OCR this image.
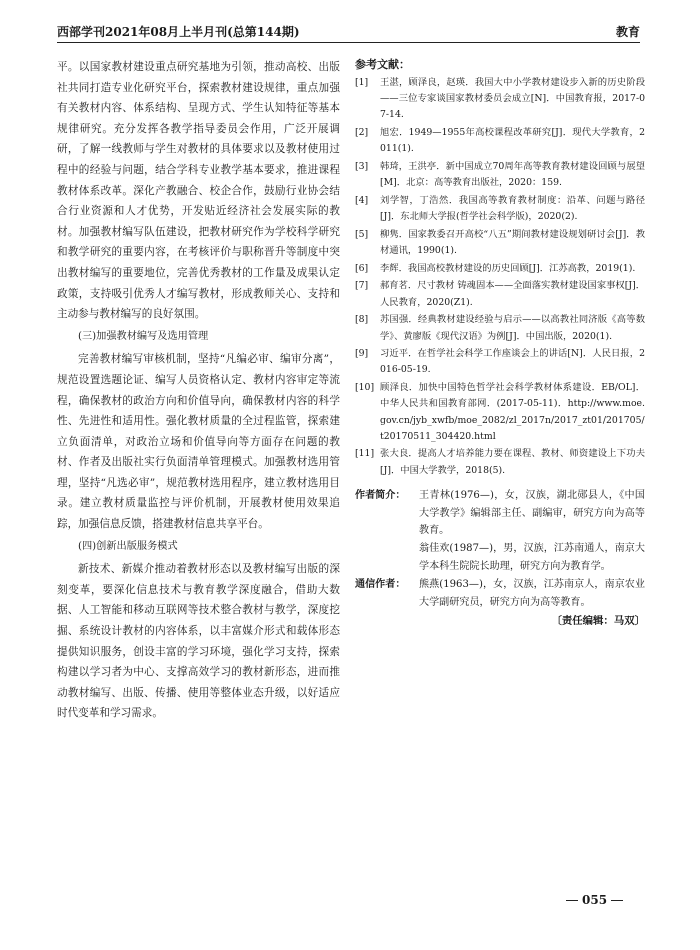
西部学刊2021年08月上半月刊(总第144期)	教育

平。以国家教材建设重点研究基地为引领，推动高校、出版社共同打造专业化研究平台，探索教材建设规律，重点加强有关教材内容、体系结构、呈现方式、学生认知特征等基本规律研究。充分发挥各教学指导委员会作用，广泛开展调研，了解一线教师与学生对教材的具体要求以及教材使用过程中的经验与问题，结合学科专业教学基本要求，推进课程教材体系改革。深化产教融合、校企合作，鼓励行业协会结合行业资源和人才优势，开发贴近经济社会发展实际的教材。加强教材编写队伍建设，把教材研究作为学校科学研究和教学研究的重要内容，在考核评价与职称晋升等制度中突出教材编写的重要地位，完善优秀教材的工作量及成果认定政策，支持吸引优秀人才编写教材，形成教师关心、支持和主动参与教材编写的良好氛围。

(三)加强教材编写及选用管理

完善教材编写审核机制，坚持“凡编必审、编审分离”，规范设置选题论证、编写人员资格认定、教材内容审定等流程，确保教材的政治方向和价值导向，确保教材内容的科学性、先进性和适用性。强化教材质量的全过程监管，探索建立负面清单，对政治立场和价值导向等方面存在问题的教材、作者及出版社实行负面清单管理模式。加强教材选用管理，坚持“凡选必审”，规范教材选用程序，建立教材选用目录。建立教材质量监控与评价机制，开展教材使用效果追踪，加强信息反馈，搭建教材信息共享平台。

(四)创新出版服务模式

新技术、新媒介推动着教材形态以及教材编写出版的深刻变革，要深化信息技术与教育教学深度融合，借助大数据、人工智能和移动互联网等技术整合教材与教学，深度挖掘、系统设计教材的内容体系，以丰富媒介形式和载体形态提供知识服务，创设丰富的学习环境，强化学习支持，探索构建以学习者为中心、支撑高效学习的教材新形态，进而推动教材编写、出版、传播、使用等整体业态升级，以好适应时代变革和学习需求。

参考文献：
[1] 王湛，顾泽良，赵瑛．我国大中小学教材建设步入新的历史阶段——三位专家谈国家教材委员会成立[N]．中国教育报，2017-07-14.
[2] 旭宏．1949—1955年高校课程改革研究[J]．现代大学教育，2011(1).
[3] 韩琦，王洪亭．新中国成立70周年高等教育教材建设回顾与展望[M]．北京：高等教育出版社，2020：159.
[4] 刘学智，丁浩然．我国高等教育教材制度：沿革、问题与路径[J]．东北师大学报(哲学社会科学版)，2020(2).
[5] 柳隽．国家教委召开高校“八五”期间教材建设规划研讨会[J]．教材通讯，1990(1).
[6] 李辉．我国高校教材建设的历史回顾[J]．江苏高教，2019(1).
[7] 郝育茗．尺寸教材 铸魂固本——全面落实教材建设国家事权[J]．人民教育，2020(Z1).
[8] 苏国强．经典教材建设经验与启示——以高教社同济版《高等数学》、黄廖版《现代汉语》为例[J]．中国出版，2020(1).
[9] 习近平．在哲学社会科学工作座谈会上的讲话[N]．人民日报，2016-05-19.
[10] 顾泽良．加快中国特色哲学社会科学教材体系建设．EB/OL]．中华人民共和国教育部网．(2017-05-11)．http://www.moe.gov.cn/jyb_xwfb/moe_2082/zl_2017n/2017_zt01/201705/t20170511_304420.html
[11] 张大良．提高人才培养能力要在课程、教材、师资建设上下功夫[J]．中国大学教学，2018(5).
作者简介：	王青林(1976—)，女，汉族，湖北郧县人，《中国大学教学》编辑部主任、副编审，研究方向为高等教育。
翁佳欢(1987—)，男，汉族，江苏南通人，南京大学本科生院院长助理，研究方向为教育学。
通信作者：	熊燕(1963—)，女，汉族，江苏南京人，南京农业大学副研究员，研究方向为高等教育。
〔责任编辑：马双〕
055
